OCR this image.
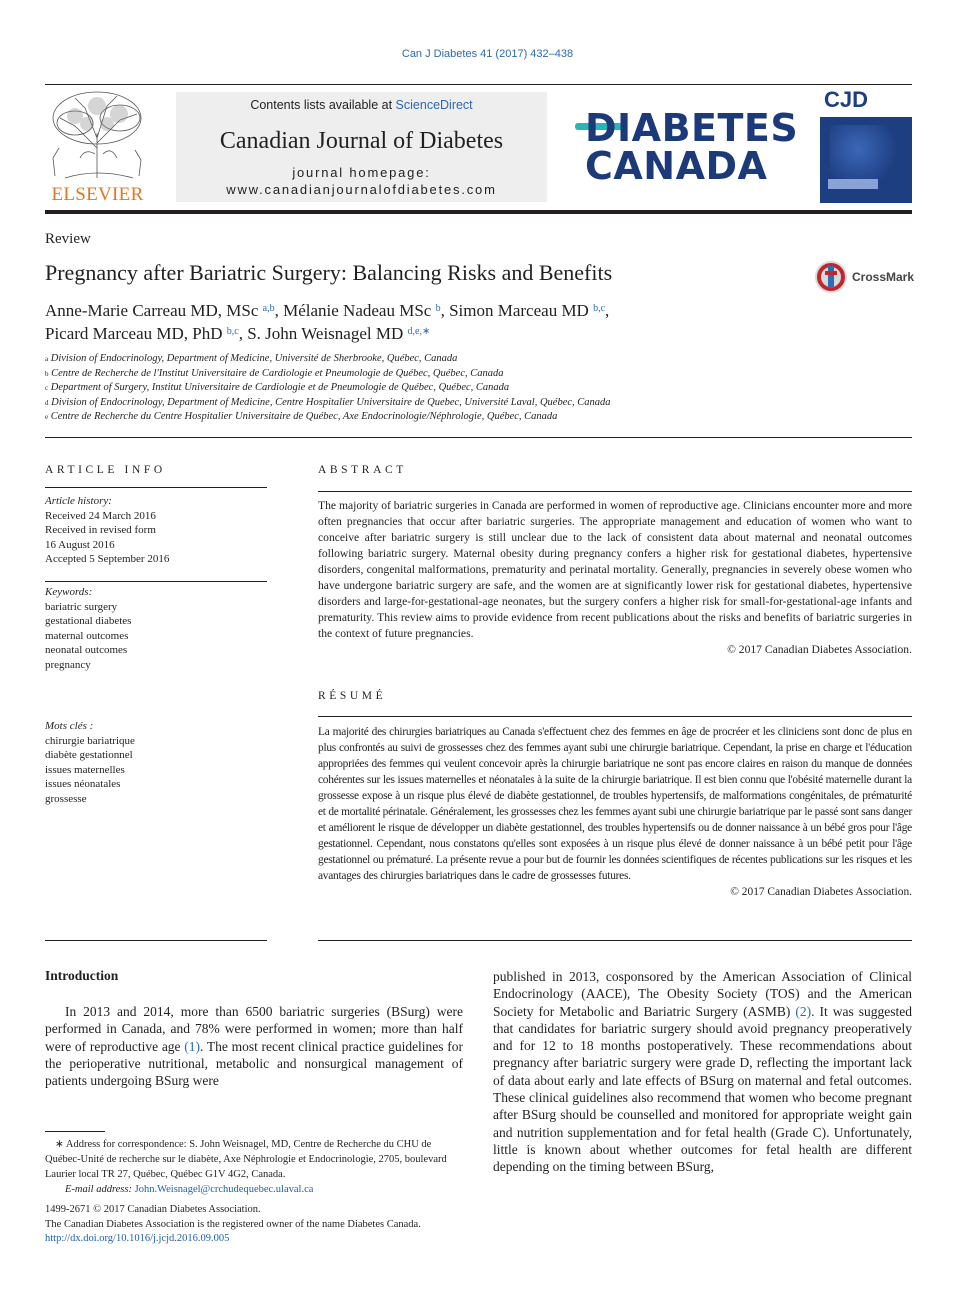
Can J Diabetes 41 (2017) 432–438
ELSEVIER
Contents lists available at ScienceDirect
Canadian Journal of Diabetes
journal homepage:
www.canadianjournalofdiabetes.com
DIABETES
CANADA
CJD
Review
Pregnancy after Bariatric Surgery: Balancing Risks and Benefits	CrossMark
Anne-Marie Carreau MD, MSc $^{a,b}$, Mélanie Nadeau MSc $^b$, Simon Marceau MD $^{b,c}$,
Picard Marceau MD, PhD $^{b,c}$, S. John Weisnagel MD $^{d,e,∗}$
$^a$ Division of Endocrinology, Department of Medicine, Université de Sherbrooke, Québec, Canada
$^b$ Centre de Recherche de l'Institut Universitaire de Cardiologie et Pneumologie de Québec, Québec, Canada
$^c$ Department of Surgery, Institut Universitaire de Cardiologie et de Pneumologie de Québec, Québec, Canada
$^d$ Division of Endocrinology, Department of Medicine, Centre Hospitalier Universitaire de Quebec, Université Laval, Québec, Canada
$^e$ Centre de Recherche du Centre Hospitalier Universitaire de Québec, Axe Endocrinologie/Néphrologie, Québec, Canada
ARTICLE INFO
Article history:
Received 24 March 2016
Received in revised form
16 August 2016
Accepted 5 September 2016
Keywords:
bariatric surgery
gestational diabetes
maternal outcomes
neonatal outcomes
pregnancy
Mots clés :
chirurgie bariatrique
diabète gestationnel
issues maternelles
issues néonatales
grossesse
ABSTRACT
The majority of bariatric surgeries in Canada are performed in women of reproductive age. Clinicians encounter more and more often pregnancies that occur after bariatric surgeries. The appropriate management and education of women who want to conceive after bariatric surgery is still unclear due to the lack of consistent data about maternal and neonatal outcomes following bariatric surgery. Maternal obesity during pregnancy confers a higher risk for gestational diabetes, hypertensive disorders, congenital malformations, prematurity and perinatal mortality. Generally, pregnancies in severely obese women who have undergone bariatric surgery are safe, and the women are at significantly lower risk for gestational diabetes, hypertensive disorders and large-for-gestational-age neonates, but the surgery confers a higher risk for small-for-gestational-age infants and prematurity. This review aims to provide evidence from recent publications about the risks and benefits of bariatric surgeries in the context of future pregnancies.
© 2017 Canadian Diabetes Association.
RÉSUMÉ
La majorité des chirurgies bariatriques au Canada s'effectuent chez des femmes en âge de procréer et les cliniciens sont donc de plus en plus confrontés au suivi de grossesses chez des femmes ayant subi une chirurgie bariatrique. Cependant, la prise en charge et l'éducation appropriées des femmes qui veulent concevoir après la chirurgie bariatrique ne sont pas encore claires en raison du manque de données cohérentes sur les issues maternelles et néonatales à la suite de la chirurgie bariatrique. Il est bien connu que l'obésité maternelle durant la grossesse expose à un risque plus élevé de diabète gestationnel, de troubles hypertensifs, de malformations congénitales, de prématurité et de mortalité périnatale. Généralement, les grossesses chez les femmes ayant subi une chirurgie bariatrique par le passé sont sans danger et améliorent le risque de développer un diabète gestationnel, des troubles hypertensifs ou de donner naissance à un bébé gros pour l'âge gestationnel. Cependant, nous constatons qu'elles sont exposées à un risque plus élevé de donner naissance à un bébé petit pour l'âge gestationnel ou prématuré. La présente revue a pour but de fournir les données scientifiques de récentes publications sur les risques et les avantages des chirurgies bariatriques dans le cadre de grossesses futures.
© 2017 Canadian Diabetes Association.
Introduction
In 2013 and 2014, more than 6500 bariatric surgeries (BSurg) were performed in Canada, and 78% were performed in women; more than half were of reproductive age (1). The most recent clinical practice guidelines for the perioperative nutritional, metabolic and nonsurgical management of patients undergoing BSurg were
published in 2013, cosponsored by the American Association of Clinical Endocrinology (AACE), The Obesity Society (TOS) and the American Society for Metabolic and Bariatric Surgery (ASMB) (2). It was suggested that candidates for bariatric surgery should avoid pregnancy preoperatively and for 12 to 18 months postoperatively. These recommendations about pregnancy after bariatric surgery were grade D, reflecting the important lack of data about early and late effects of BSurg on maternal and fetal outcomes. These clinical guidelines also recommend that women who become pregnant after BSurg should be counselled and monitored for appropriate weight gain and nutrition supplementation and for fetal health (Grade C). Unfortunately, little is known about whether outcomes for fetal health are different depending on the timing between BSurg,
∗ Address for correspondence: S. John Weisnagel, MD, Centre de Recherche du CHU de Québec-Unité de recherche sur le diabète, Axe Néphrologie et Endocrinologie, 2705, boulevard Laurier local TR 27, Québec, Québec G1V 4G2, Canada.
E-mail address: John.Weisnagel@crchudequebec.ulaval.ca
1499-2671 © 2017 Canadian Diabetes Association.
The Canadian Diabetes Association is the registered owner of the name Diabetes Canada.
http://dx.doi.org/10.1016/j.jcjd.2016.09.005
